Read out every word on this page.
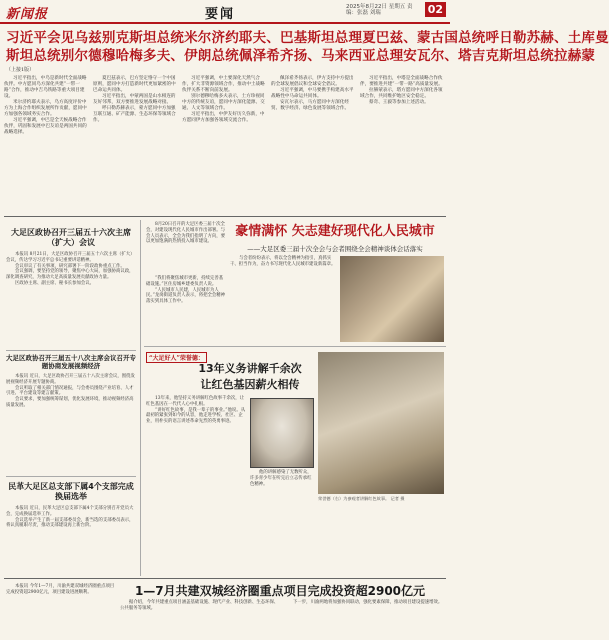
新闻报	要闻	2025年8月22日 星期五 责编：张磊 刘瑞	02
习近平会见乌兹别克斯坦总统米尔济约耶夫、巴基斯坦总理夏巴兹、蒙古国总统呼日勒苏赫、土库曼
斯坦总统别尔德穆哈梅多夫、伊朗总统佩泽希齐扬、马来西亚总理安瓦尔、塔吉克斯坦总统拉赫蒙
（上接1版）

习近平指出，中乌是新时代全面战略伙伴。中方愿同乌方深化共建“一带一路”合作，推动中吉乌铁路等重大项目建设。

米尔济约耶夫表示，乌方高度评价中方为上海合作组织发展所作贡献，愿同中方加强各领域务实合作。

习近平强调，中巴是全天候战略合作伙伴，巩固和发展中巴友谊是两国共同的战略选择。

夏巴兹表示，巴方坚定恪守一个中国原则，愿同中方打造新时代更加紧密的中巴命运共同体。

习近平指出，中蒙两国是山水相连的友好邻邦，双方要推进发展战略对接。

呼日勒苏赫表示，蒙方愿同中方加强互联互通、矿产能源、生态环保等领域合作。

习近平强调，中土要深化天然气合作，扩大非资源领域合作，推动中土战略伙伴关系不断向前发展。

别尔德穆哈梅多夫表示，土方珍视同中方的传统友谊，愿同中方深化能源、交通、人文等领域合作。

习近平指出，中伊友好历久弥新，中方愿同伊方加强各领域交流合作。

佩泽希齐扬表示，伊方支持中方提出的全球发展倡议和全球安全倡议。

习近平强调，中马要携手构建高水平战略性中马命运共同体。

安瓦尔表示，马方愿同中方深化经贸、数字经济、绿色发展等领域合作。

习近平指出，中塔是全面战略合作伙伴，要推进共建“一带一路”高质量发展。

拉赫蒙表示，塔方愿同中方深化各领域合作，共同维护地区安全稳定。

蔡奇、王毅等参加上述活动。

大足区政协召开三届五十六次主席（扩大）会议

本报讯 8月21日，大足区政协召开三届五十六次主席（扩大）会议，传达学习习近平总书记重要讲话精神。

会议审议了有关事项，研究部署下一阶段政协重点工作。

会议强调，要坚持党的领导，聚焦中心大局，加强协商议政，深化调查研究，为推动大足高质量发展贡献政协力量。

区政协主席、副主席、秘书长参加会议。

大足区政协召开三届五十八次主席会议召开专题协商发展视频经济

本报讯 近日，大足区政协召开三届五十八次主席会议，围绕发展视频经济开展专题协商。

会议听取了相关部门情况通报，与会委员围绕产业培育、人才引进、平台建设等建言献策。

会议要求，要加强统筹谋划，优化发展环境，推动视频经济高质量发展。

民革大足区总支部下属4个支部完成换届选举

本报讯 近日，民革大足区总支部下属4个支部分别召开党员大会，完成换届选举工作。

会议选举产生了新一届支部委员会，新当选的支部委员表示，将认真履职尽责，推动支部建设再上新台阶。

8月20日召开的大足区委三届十次全会，对建设现代化人民城市作出部署。与会人员表示，全会为我们指明了方向，要以更加饱满的热情投入城市建设。

豪情满怀 矢志建好现代化人民城市
——大足区委三届十次全会与会者围绕全会精神谈体会话落实

“我们将聚焦城市更新，持续完善基础设施。”区住房城乡建委负责人说。

“人民城市人民建，人民城市为人民。”龙岗街道负责人表示，将把全会精神落实到具体工作中。

与会者纷纷表示，将以全会精神为指引，真抓实干、担当作为，奋力书写现代化人民城市建设新篇章。

“大足好人”荣誉德：
13年义务讲解千余次
让红色基因薪火相传

13年来，他坚持义务讲解红色故事千余次，让红色基因在一代代人心中扎根。

“讲好红色故事，是我一辈子的事业。”他说。从最初的紧张到如今的从容，他走进学校、社区、企业，用朴实的语言讲述革命先烈的英勇事迹。

他的讲解感染了无数听众，许多青少年在听完后立志传承红色精神。

荣誉德（右）为参观者讲解红色故事。 记者 摄
1—7月共建双城经济圈重点项目完成投资超2900亿元

本报讯 今年1—7月，川渝共建双城经济圈重点项目完成投资超2900亿元，项目建设进展顺利。

据介绍，今年共建重点项目涵盖基础设施、现代产业、科技创新、生态环保、公共服务等领域。

下一步，川渝两地将加强协同联动，强化要素保障，推动项目建设提速增效。
